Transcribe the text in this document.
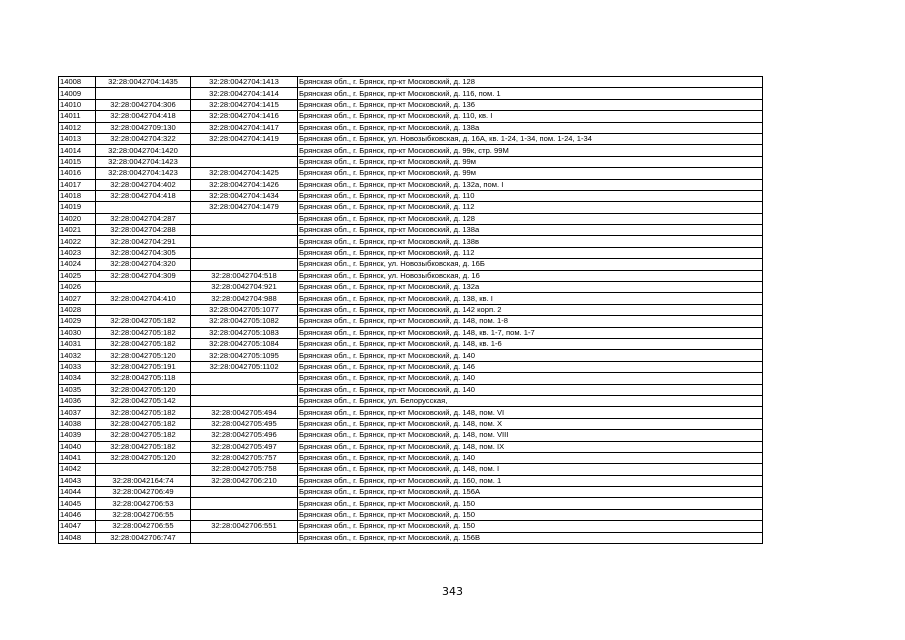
14008	32:28:0042704:1435	32:28:0042704:1413	Брянская обл., г. Брянск, пр-кт Московский, д. 128
14009		32:28:0042704:1414	Брянская обл., г. Брянск, пр-кт Московский, д. 116, пом. 1
14010	32:28:0042704:306	32:28:0042704:1415	Брянская обл., г. Брянск, пр-кт Московский, д. 136
14011	32:28:0042704:418	32:28:0042704:1416	Брянская обл., г. Брянск, пр-кт Московский, д. 110, кв. I
14012	32:28:0042709:130	32:28:0042704:1417	Брянская обл., г. Брянск, пр-кт Московский, д. 138а
14013	32:28:0042704:322	32:28:0042704:1419	Брянская обл., г. Брянск, ул. Новозыбковская, д. 16А, кв. 1-24, 1-34, пом. 1-24, 1-34
14014	32:28:0042704:1420		Брянская обл., г. Брянск, пр-кт Московский, д. 99к, стр. 99М
14015	32:28:0042704:1423		Брянская обл., г. Брянск, пр-кт Московский, д. 99м
14016	32:28:0042704:1423	32:28:0042704:1425	Брянская обл., г. Брянск, пр-кт Московский, д. 99м
14017	32:28:0042704:402	32:28:0042704:1426	Брянская обл., г. Брянск, пр-кт Московский, д. 132а, пом. I
14018	32:28:0042704:418	32:28:0042704:1434	Брянская обл., г. Брянск, пр-кт Московский, д. 110
14019		32:28:0042704:1479	Брянская обл., г. Брянск, пр-кт Московский, д. 112
14020	32:28:0042704:287		Брянская обл., г. Брянск, пр-кт Московский, д. 128
14021	32:28:0042704:288		Брянская обл., г. Брянск, пр-кт Московский, д. 138а
14022	32:28:0042704:291		Брянская обл., г. Брянск, пр-кт Московский, д. 138в
14023	32:28:0042704:305		Брянская обл., г. Брянск, пр-кт Московский, д. 112
14024	32:28:0042704:320		Брянская обл., г. Брянск, ул. Новозыбковская, д. 16Б
14025	32:28:0042704:309	32:28:0042704:518	Брянская обл., г. Брянск, ул. Новозыбковская, д. 16
14026		32:28:0042704:921	Брянская обл., г. Брянск, пр-кт Московский, д. 132а
14027	32:28:0042704:410	32:28:0042704:988	Брянская обл., г. Брянск, пр-кт Московский, д. 138, кв. I
14028		32:28:0042705:1077	Брянская обл., г. Брянск, пр-кт Московский, д. 142 корп. 2
14029	32:28:0042705:182	32:28:0042705:1082	Брянская обл., г. Брянск, пр-кт Московский, д. 148, пом. 1-8
14030	32:28:0042705:182	32:28:0042705:1083	Брянская обл., г. Брянск, пр-кт Московский, д. 148, кв. 1-7, пом. 1-7
14031	32:28:0042705:182	32:28:0042705:1084	Брянская обл., г. Брянск, пр-кт Московский, д. 148, кв. 1-6
14032	32:28:0042705:120	32:28:0042705:1095	Брянская обл., г. Брянск, пр-кт Московский, д. 140
14033	32:28:0042705:191	32:28:0042705:1102	Брянская обл., г. Брянск, пр-кт Московский, д. 146
14034	32:28:0042705:118		Брянская обл., г. Брянск, пр-кт Московский, д. 140
14035	32:28:0042705:120		Брянская обл., г. Брянск, пр-кт Московский, д. 140
14036	32:28:0042705:142		Брянская обл., г. Брянск, ул. Белорусская,
14037	32:28:0042705:182	32:28:0042705:494	Брянская обл., г. Брянск, пр-кт Московский, д. 148, пом. VI
14038	32:28:0042705:182	32:28:0042705:495	Брянская обл., г. Брянск, пр-кт Московский, д. 148, пом. X
14039	32:28:0042705:182	32:28:0042705:496	Брянская обл., г. Брянск, пр-кт Московский, д. 148, пом. VIII
14040	32:28:0042705:182	32:28:0042705:497	Брянская обл., г. Брянск, пр-кт Московский, д. 148, пом. IX
14041	32:28:0042705:120	32:28:0042705:757	Брянская обл., г. Брянск, пр-кт Московский, д. 140
14042		32:28:0042705:758	Брянская обл., г. Брянск, пр-кт Московский, д. 148, пом. I
14043	32:28:0042164:74	32:28:0042706:210	Брянская обл., г. Брянск, пр-кт Московский, д. 160, пом. 1
14044	32:28:0042706:49		Брянская обл., г. Брянск, пр-кт Московский, д. 156А
14045	32:28:0042706:53		Брянская обл., г. Брянск, пр-кт Московский, д. 150
14046	32:28:0042706:55		Брянская обл., г. Брянск, пр-кт Московский, д. 150
14047	32:28:0042706:55	32:28:0042706:551	Брянская обл., г. Брянск, пр-кт Московский, д. 150
14048	32:28:0042706:747		Брянская обл., г. Брянск, пр-кт Московский, д. 156В
343
